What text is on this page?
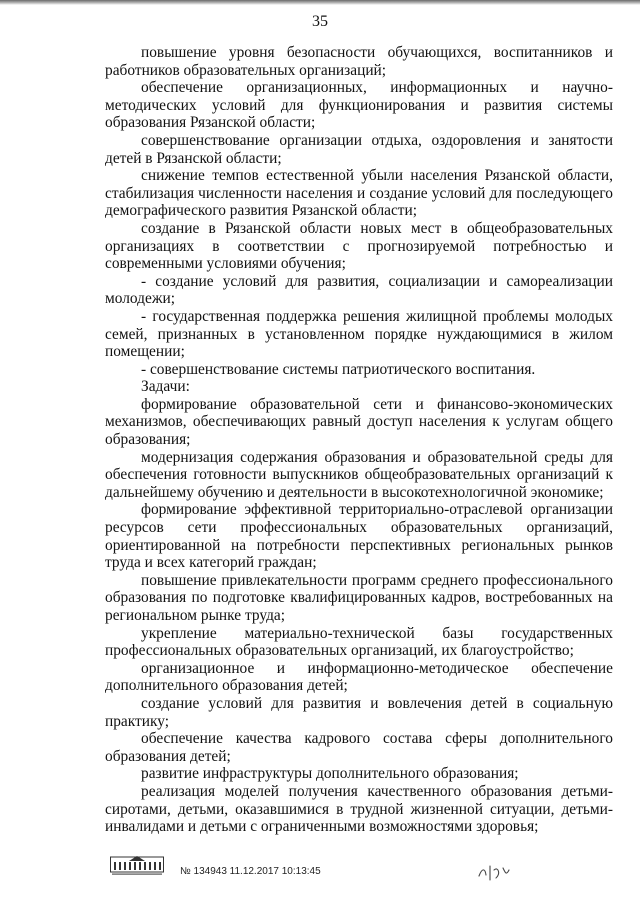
35

повышение уровня безопасности обучающихся, воспитанников и работников образовательных организаций;

обеспечение организационных, информационных и научно-методических условий для функционирования и развития системы образования Рязанской области;

совершенствование организации отдыха, оздоровления и занятости детей в Рязанской области;

снижение темпов естественной убыли населения Рязанской области, стабилизация численности населения и создание условий для последующего демографического развития Рязанской области;

создание в Рязанской области новых мест в общеобразовательных организациях в соответствии с прогнозируемой потребностью и современными условиями обучения;

- создание условий для развития, социализации и самореализации молодежи;

- государственная поддержка решения жилищной проблемы молодых семей, признанных в установленном порядке нуждающимися в жилом помещении;

- совершенствование системы патриотического воспитания.

Задачи:

формирование образовательной сети и финансово-экономических механизмов, обеспечивающих равный доступ населения к услугам общего образования;

модернизация содержания образования и образовательной среды для обеспечения готовности выпускников общеобразовательных организаций к дальнейшему обучению и деятельности в высокотехнологичной экономике;

формирование эффективной территориально-отраслевой организации ресурсов сети профессиональных образовательных организаций, ориентированной на потребности перспективных региональных рынков труда и всех категорий граждан;

повышение привлекательности программ среднего профессионального образования по подготовке квалифицированных кадров, востребованных на региональном рынке труда;

укрепление материально-технической базы государственных профессиональных образовательных организаций, их благоустройство;

организационное и информационно-методическое обеспечение дополнительного образования детей;

создание условий для развития и вовлечения детей в социальную практику;

обеспечение качества кадрового состава сферы дополнительного образования детей;

развитие инфраструктуры дополнительного образования;

реализация моделей получения качественного образования детьми-сиротами, детьми, оказавшимися в трудной жизненной ситуации, детьми-инвалидами и детьми с ограниченными возможностями здоровья;

№ 134943 11.12.2017 10:13:45
